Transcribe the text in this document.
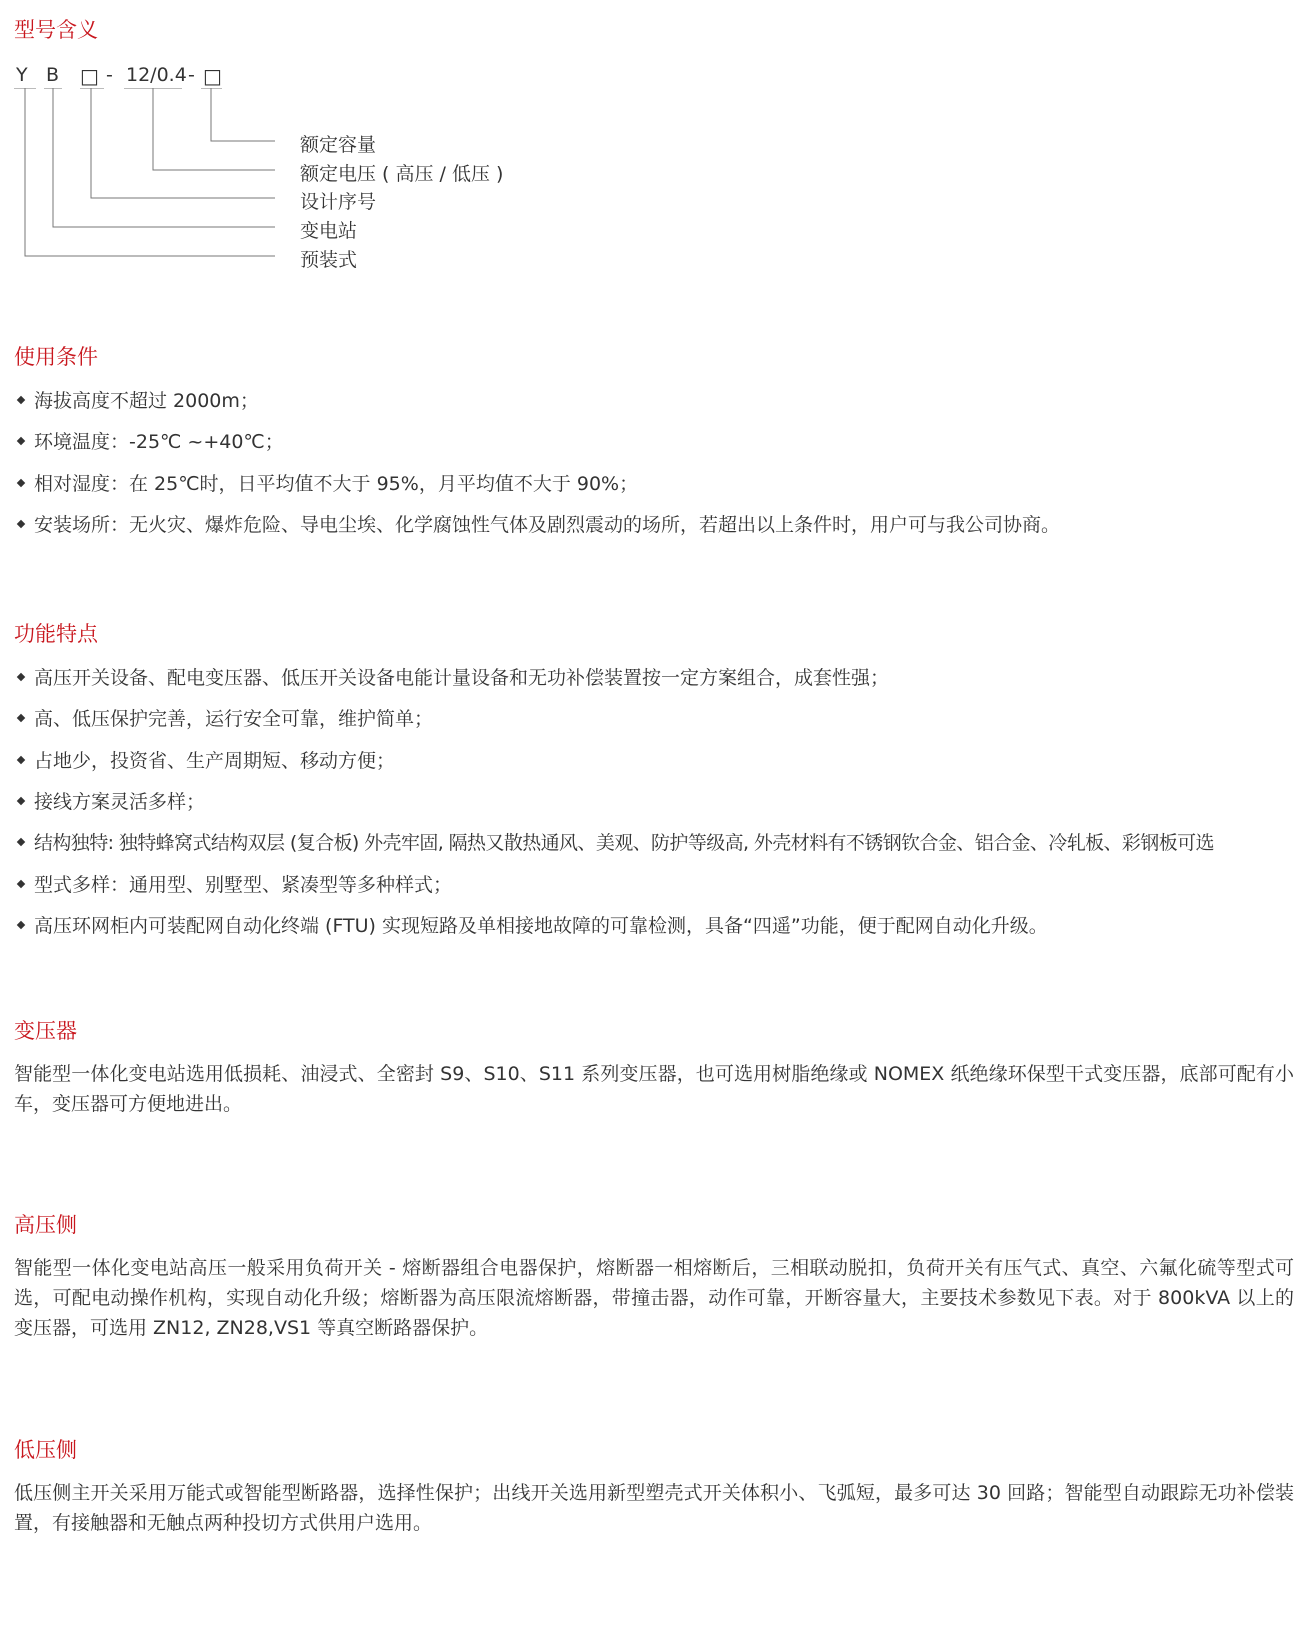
型号含义
Y B □ - 12/0.4 - □
额定容量
额定电压 ( 高压 / 低压 )
设计序号
变电站
预装式
使用条件
海拔高度不超过 2000m；
环境温度：-25℃ ~+40℃；
相对湿度：在 25℃时，日平均值不大于 95%，月平均值不大于 90%；
安装场所：无火灾、爆炸危险、导电尘埃、化学腐蚀性气体及剧烈震动的场所，若超出以上条件时，用户可与我公司协商。
功能特点
高压开关设备、配电变压器、低压开关设备电能计量设备和无功补偿装置按一定方案组合，成套性强；
高、低压保护完善，运行安全可靠，维护简单；
占地少，投资省、生产周期短、移动方便；
接线方案灵活多样；
结构独特: 独特蜂窝式结构双层 (复合板) 外壳牢固, 隔热又散热通风、美观、防护等级高, 外壳材料有不锈钢钦合金、铝合金、冷轧板、彩钢板可选
型式多样：通用型、别墅型、紧凑型等多种样式；
高压环网柜内可装配网自动化终端 (FTU) 实现短路及单相接地故障的可靠检测，具备“四遥”功能，便于配网自动化升级。
变压器

智能型一体化变电站选用低损耗、油浸式、全密封 S9、S10、S11 系列变压器，也可选用树脂绝缘或 NOMEX 纸绝缘环保型干式变压器，底部可配有小车，变压器可方便地进出。

高压侧

智能型一体化变电站高压一般采用负荷开关 - 熔断器组合电器保护，熔断器一相熔断后，三相联动脱扣，负荷开关有压气式、真空、六氟化硫等型式可选，可配电动操作机构，实现自动化升级；熔断器为高压限流熔断器，带撞击器，动作可靠，开断容量大，主要技术参数见下表。对于 800kVA 以上的变压器，可选用 ZN12, ZN28,VS1 等真空断路器保护。

低压侧

低压侧主开关采用万能式或智能型断路器，选择性保护；出线开关选用新型塑壳式开关体积小、飞弧短，最多可达 30 回路；智能型自动跟踪无功补偿装置，有接触器和无触点两种投切方式供用户选用。
